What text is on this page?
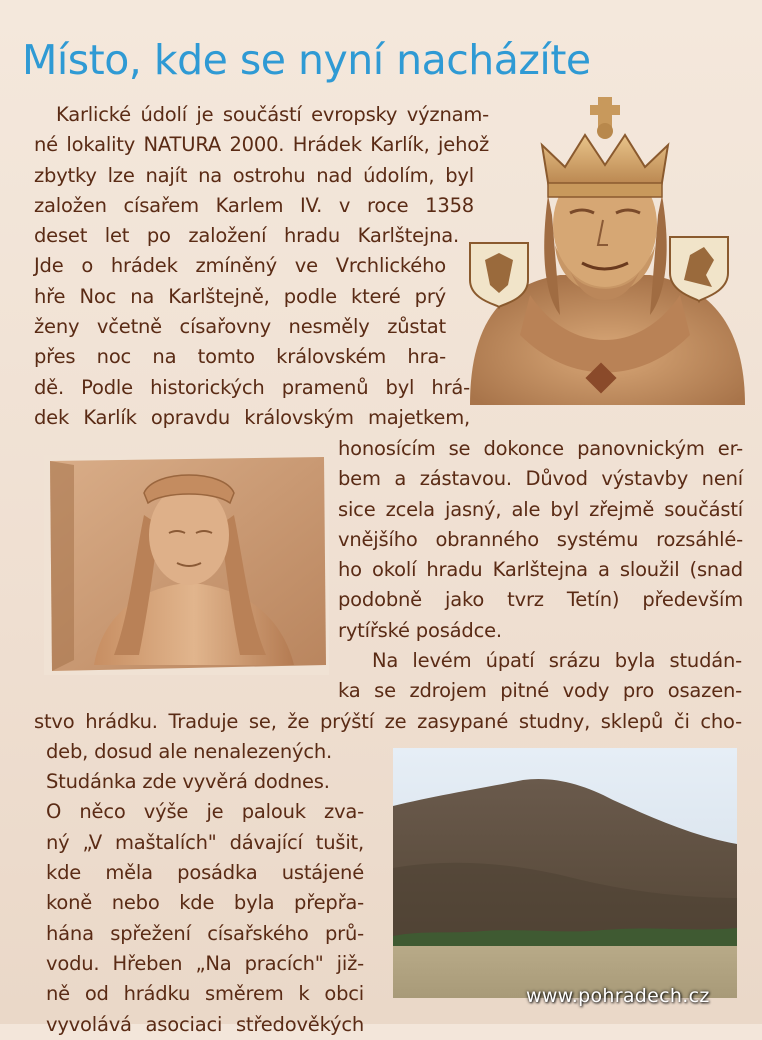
Místo, kde se nyní nacházíte
Karlické údolí je součástí evropsky význam-
né lokality NATURA 2000. Hrádek Karlík, jehož
zbytky lze najít na ostrohu nad údolím, byl
založen císařem Karlem IV. v roce 1358
deset let po založení hradu Karlštejna.
Jde o hrádek zmíněný ve Vrchlického
hře Noc na Karlštejně, podle které prý
ženy včetně císařovny nesměly zůstat
přes noc na tomto královském hra-
dě. Podle historických pramenů byl hrá-
dek Karlík opravdu královským majetkem,
honosícím se dokonce panovnickým er-
bem a zástavou. Důvod výstavby není
sice zcela jasný, ale byl zřejmě součástí
vnějšího obranného systému rozsáhlé-
ho okolí hradu Karlštejna a sloužil (snad
podobně jako tvrz Tetín) především
rytířské posádce.
Na levém úpatí srázu byla studán-
ka se zdrojem pitné vody pro osazen-
stvo hrádku. Traduje se, že prýští ze zasypané studny, sklepů či cho-
deb, dosud ale nenalezených.
Studánka zde vyvěrá dodnes.
O něco výše je palouk zva-
ný „V maštalích" dávající tušit,
kde měla posádka ustájené
koně nebo kde byla přepřa-
hána spřežení císařského prů-
vodu. Hřeben „Na pracích" již-
ně od hrádku směrem k obci
vyvolává asociaci středověkých
www.pohradech.cz
